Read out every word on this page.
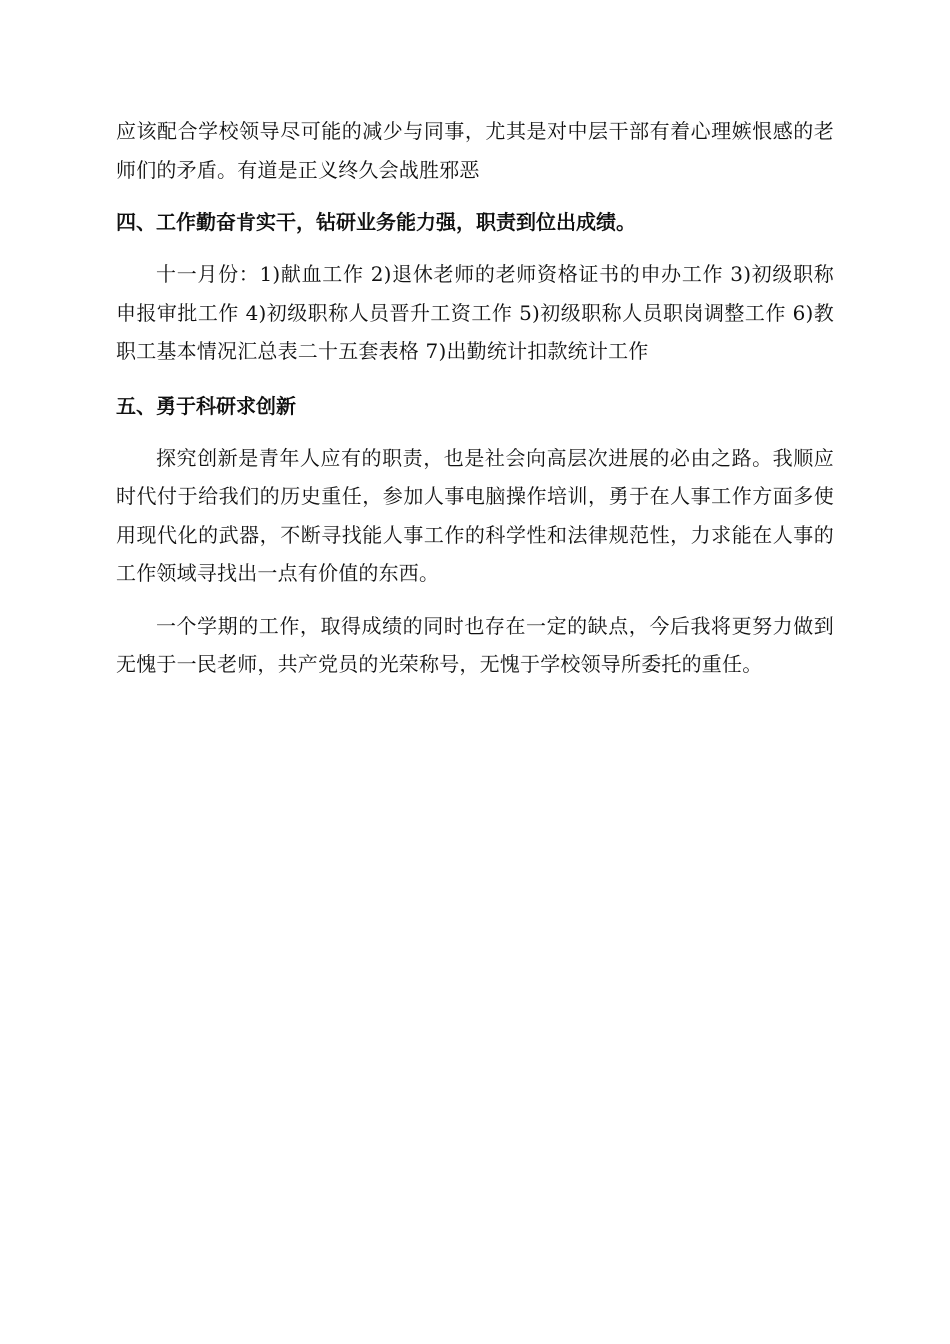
应该配合学校领导尽可能的减少与同事，尤其是对中层干部有着心理嫉恨感的老师们的矛盾。有道是正义终久会战胜邪恶

四、工作勤奋肯实干，钻研业务能力强，职责到位出成绩。

十一月份：1)献血工作 2)退休老师的老师资格证书的申办工作 3)初级职称申报审批工作 4)初级职称人员晋升工资工作 5)初级职称人员职岗调整工作 6)教职工基本情况汇总表二十五套表格 7)出勤统计扣款统计工作

五、勇于科研求创新

探究创新是青年人应有的职责，也是社会向高层次进展的必由之路。我顺应时代付于给我们的历史重任，参加人事电脑操作培训，勇于在人事工作方面多使用现代化的武器，不断寻找能人事工作的科学性和法律规范性，力求能在人事的工作领域寻找出一点有价值的东西。

一个学期的工作，取得成绩的同时也存在一定的缺点，今后我将更努力做到无愧于一民老师，共产党员的光荣称号，无愧于学校领导所委托的重任。
